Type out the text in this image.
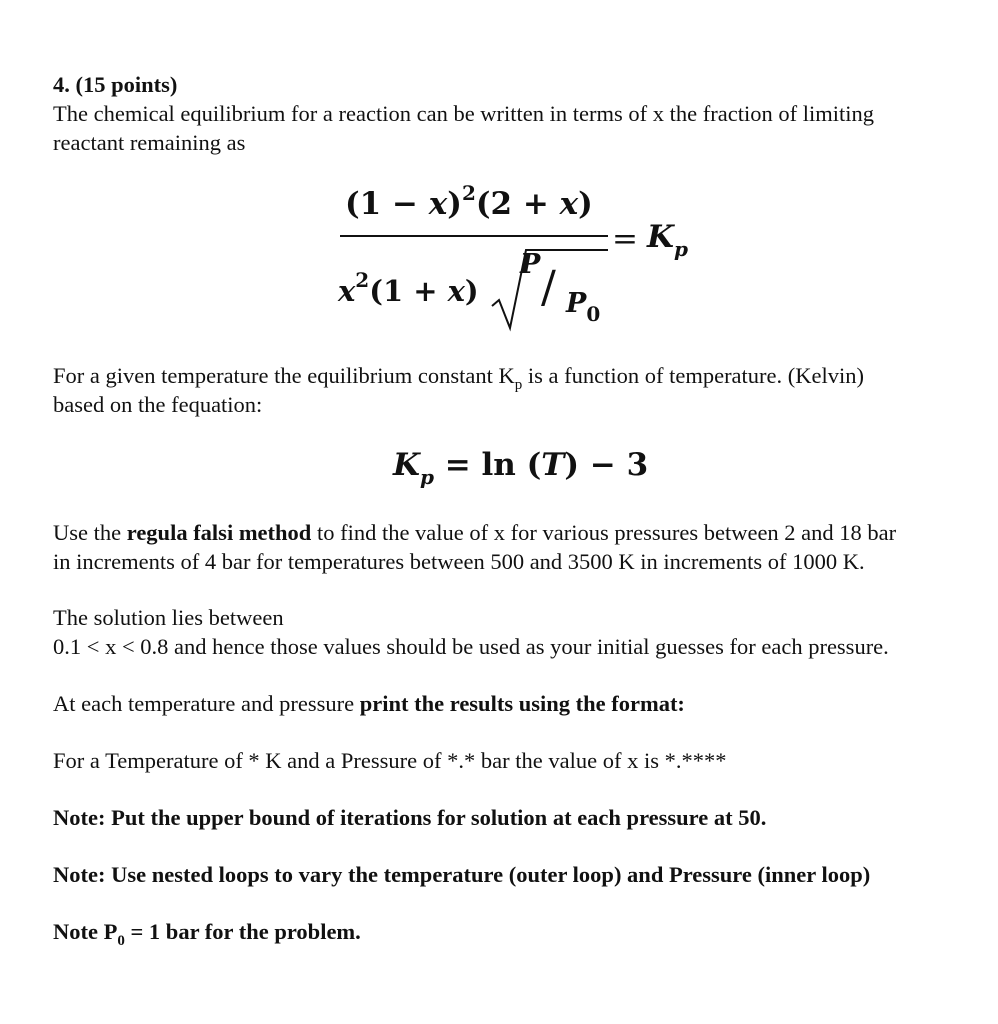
4. (15 points)
The chemical equilibrium for a reaction can be written in terms of x the fraction of limiting
reactant remaining as
For a given temperature the equilibrium constant $K_p$ is a function of temperature. (Kelvin)
based on the fequation:
Use the regula falsi method to find the value of x for various pressures between 2 and 18 bar
in increments of 4 bar for temperatures between 500 and 3500 K in increments of 1000 K.
The solution lies between
0.1 < x < 0.8 and hence those values should be used as your initial guesses for each pressure.
At each temperature and pressure print the results using the format:
For a Temperature of * K and a Pressure of *.* bar the value of x is *.****
Note: Put the upper bound of iterations for solution at each pressure at 50.
Note: Use nested loops to vary the temperature (outer loop) and Pressure (inner loop)
Note $P_0 = 1$ bar for the problem.
$(1 - x)^2(2 + x)$
$x^2(1 + x)$
P / $P_0$
= $K_p$
$K_p = \ln (T) - 3$
